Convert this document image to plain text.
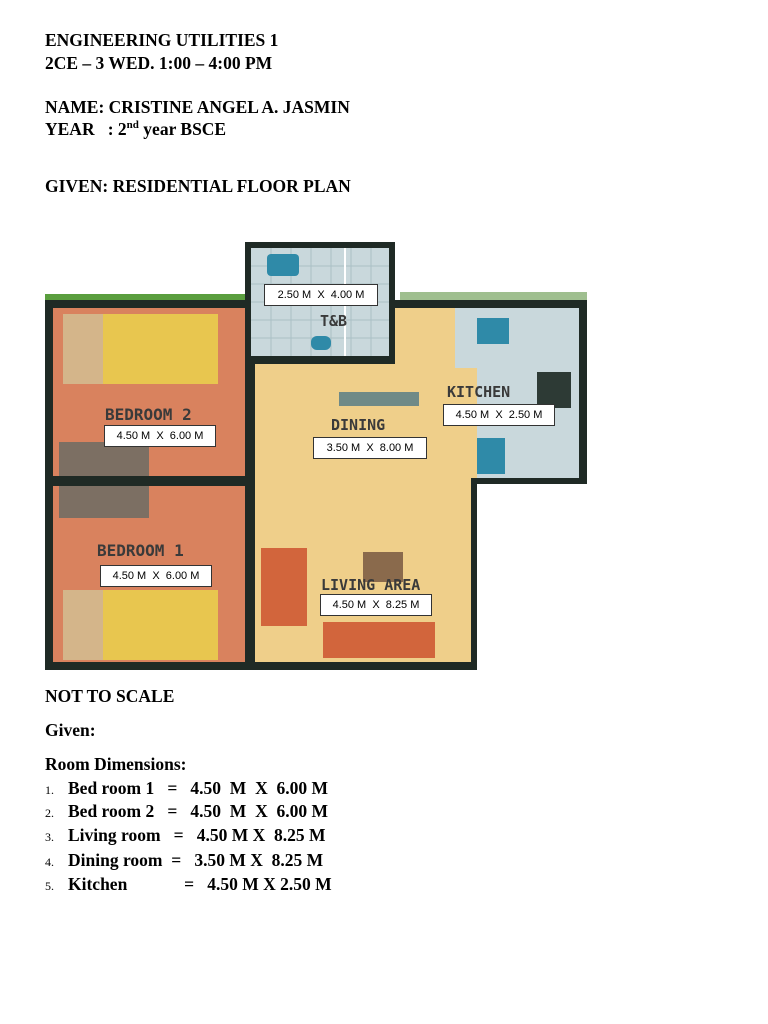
ENGINEERING UTILITIES 1
2CE – 3 WED. 1:00 – 4:00 PM
NAME: CRISTINE ANGEL A. JASMIN
YEAR   : 2nd year BSCE
GIVEN: RESIDENTIAL FLOOR PLAN
T&B
BEDROOM 2
BEDROOM 1
DINING
KITCHEN
LIVING AREA
2.50 M  X  4.00 M
4.50 M  X  6.00 M
4.50 M  X  6.00 M
3.50 M  X  8.00 M
4.50 M  X  2.50 M
4.50 M  X  8.25 M
NOT TO SCALE
Given:
Room Dimensions:
1. Bed room 1   =   4.50  M  X  6.00 M
2. Bed room 2   =   4.50  M  X  6.00 M
3. Living room   =   4.50 M X  8.25 M
4. Dining room  =   3.50 M X  8.25 M
5. Kitchen             =   4.50 M X 2.50 M
